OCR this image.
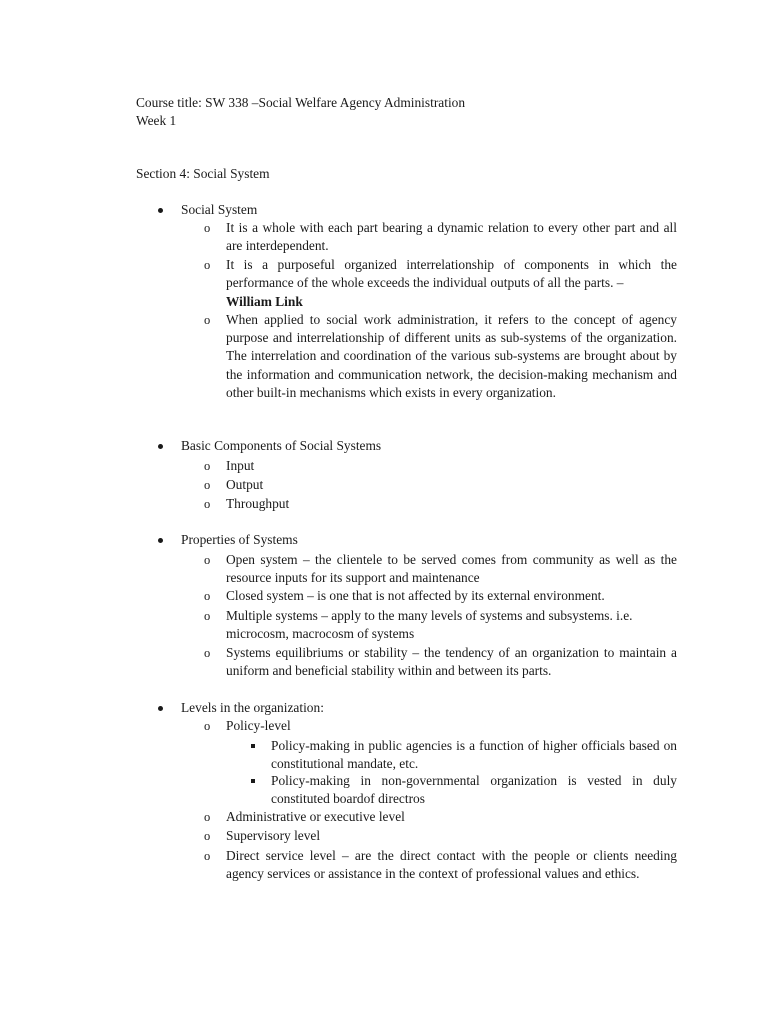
Course title: SW 338 –Social Welfare Agency Administration
Week 1
Section 4: Social System
Social System
o It is a whole with each part bearing a dynamic relation to every other part and all are interdependent.
o It is a purposeful organized interrelationship of components in which the performance of the whole exceeds the individual outputs of all the parts. –
William Link
o When applied to social work administration, it refers to the concept of agency purpose and interrelationship of different units as sub-systems of the organization. The interrelation and coordination of the various sub-systems are brought about by the information and communication network, the decision-making mechanism and other built-in mechanisms which exists in every organization.
Basic Components of Social Systems
o Input
o Output
o Throughput
Properties of Systems
o Open system – the clientele to be served comes from community as well as the resource inputs for its support and maintenance
o Closed system – is one that is not affected by its external environment.
o Multiple systems – apply to the many levels of systems and subsystems. i.e. microcosm, macrocosm of systems
o Systems equilibriums or stability – the tendency of an organization to maintain a uniform and beneficial stability within and between its parts.
Levels in the organization:
o Policy-level
Policy-making in public agencies is a function of higher officials based on constitutional mandate, etc.
Policy-making in non-governmental organization is vested in duly constituted boardof directros
o Administrative or executive level
o Supervisory level
o Direct service level – are the direct contact with the people or clients needing agency services or assistance in the context of professional values and ethics.
